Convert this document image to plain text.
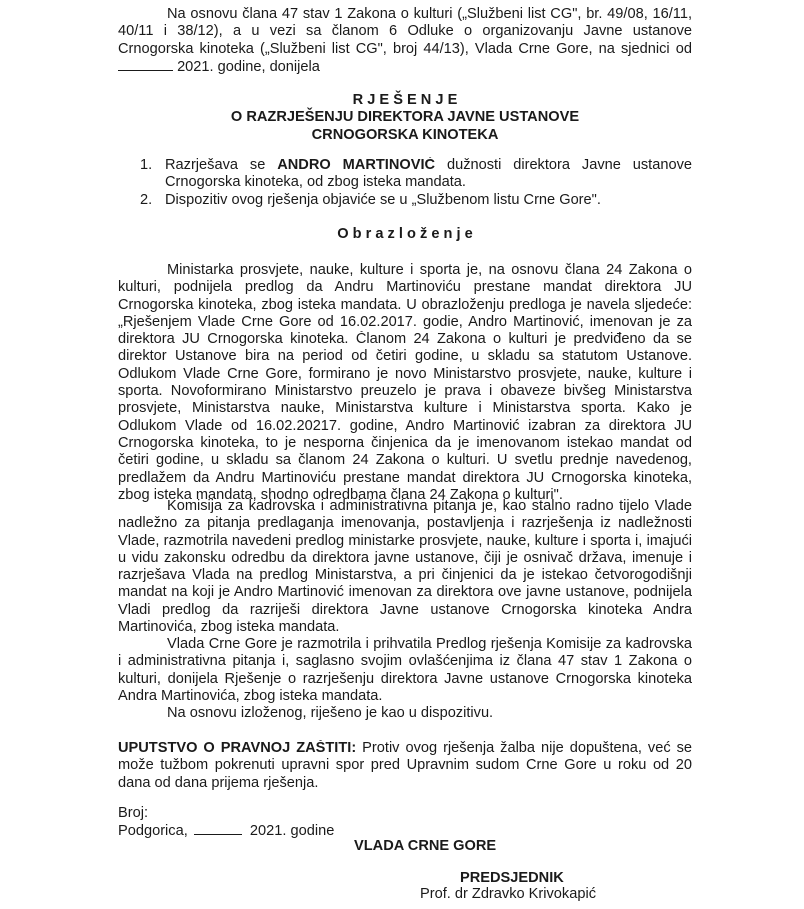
Na osnovu člana 47 stav 1 Zakona o kulturi („Službeni list CG", br. 49/08, 16/11,
40/11 i 38/12), a u vezi sa članom 6 Odluke o organizovanju Javne ustanove
Crnogorska kinoteka („Službeni list CG", broj 44/13), Vlada Crne Gore, na sjednici od
2021. godine, donijela
R J E Š E N J E
O RAZRJEŠENJU DIREKTORA JAVNE USTANOVE
CRNOGORSKA KINOTEKA
1. Razrješava se ANDRO MARTINOVIĆ dužnosti direktora Javne ustanove
Crnogorska kinoteka, od zbog isteka mandata.
2. Dispozitiv ovog rješenja objaviće se u „Službenom listu Crne Gore".
O b r a z l o ž e n j e
Ministarka prosvjete, nauke, kulture i sporta je, na osnovu člana 24 Zakona o
kulturi, podnijela predlog da Andru Martinoviću prestane mandat direktora JU
Crnogorska kinoteka, zbog isteka mandata. U obrazloženju predloga je navela sljedeće:
„Rješenjem Vlade Crne Gore od 16.02.2017. godie, Andro Martinović, imenovan je za
direktora JU Crnogorska kinoteka. Članom 24 Zakona o kulturi je predviđeno da se
direktor Ustanove bira na period od četiri godine, u skladu sa statutom Ustanove.
Odlukom Vlade Crne Gore, formirano je novo Ministarstvo prosvjete, nauke, kulture i
sporta. Novoformirano Ministarstvo preuzelo je prava i obaveze bivšeg Ministarstva
prosvjete, Ministarstva nauke, Ministarstva kulture i Ministarstva sporta. Kako je
Odlukom Vlade od 16.02.20217. godine, Andro Martinović izabran za direktora JU
Crnogorska kinoteka, to je nesporna činjenica da je imenovanom istekao mandat od
četiri godine, u skladu sa članom 24 Zakona o kulturi. U svetlu prednje navedenog,
predlažem da Andru Martinoviću prestane mandat direktora JU Crnogorska kinoteka,
zbog isteka mandata, shodno odredbama člana 24 Zakona o kulturi".
Komisija za kadrovska i administrativna pitanja je, kao stalno radno tijelo Vlade
nadležno za pitanja predlaganja imenovanja, postavljenja i razrješenja iz nadležnosti
Vlade, razmotrila navedeni predlog ministarke prosvjete, nauke, kulture i sporta i, imajući
u vidu zakonsku odredbu da direktora javne ustanove, čiji je osnivač država, imenuje i
razrješava Vlada na predlog Ministarstva, a pri činjenici da je istekao četvorogodišnji
mandat na koji je Andro Martinović imenovan za direktora ove javne ustanove, podnijela
Vladi predlog da razriješi direktora Javne ustanove Crnogorska kinoteka Andra
Martinovića, zbog isteka mandata.
Vlada Crne Gore je razmotrila i prihvatila Predlog rješenja Komisije za kadrovska
i administrativna pitanja i, saglasno svojim ovlašćenjima iz člana 47 stav 1 Zakona o
kulturi, donijela Rješenje o razrješenju direktora Javne ustanove Crnogorska kinoteka
Andra Martinovića, zbog isteka mandata.
Na osnovu izloženog, riješeno je kao u dispozitivu.
UPUTSTVO O PRAVNOJ ZAŠTITI: Protiv ovog rješenja žalba nije dopuštena, već se
može tužbom pokrenuti upravni spor pred Upravnim sudom Crne Gore u roku od 20
dana od dana prijema rješenja.
Broj:
Podgorica,	2021. godine
VLADA CRNE GORE
PREDSJEDNIK
Prof. dr Zdravko Krivokapić
